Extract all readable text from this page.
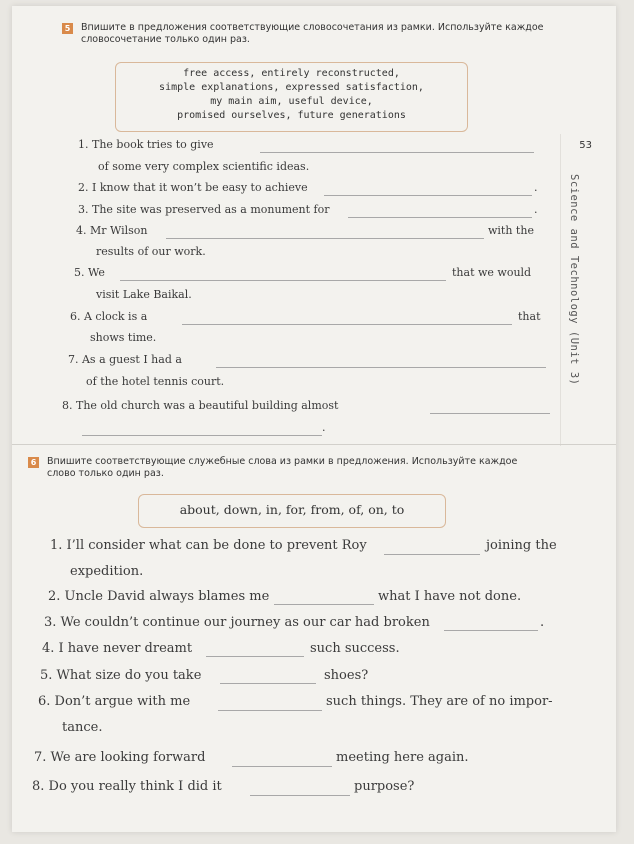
53
Science and Technology (Unit 3)
5 Впишите в предложения соответствующие словосочетания из рамки. Используйте каждое
словосочетание только один раз.
free access, entirely reconstructed,
simple explanations, expressed satisfaction,
my main aim, useful device,
promised ourselves, future generations
1. The book tries to give
of some very complex scientific ideas.
2. I know that it won’t be easy to achieve	.
3. The site was preserved as a monument for	.
4. Mr Wilson	with the
results of our work.
5. We	that we would
visit Lake Baikal.
6. A clock is a	that
shows time.
7. As a guest I had a
of the hotel tennis court.
8. The old church was a beautiful building almost
.
6 Впишите соответствующие служебные слова из рамки в предложения. Используйте каждое
слово только один раз.
about, down, in, for, from, of, on, to
1. I’ll consider what can be done to prevent Roy	joining the
expedition.
2. Uncle David always blames me	what I have not done.
3. We couldn’t continue our journey as our car had broken	.
4. I have never dreamt	such success.
5. What size do you take	shoes?
6. Don’t argue with me	such things. They are of no impor-
tance.
7. We are looking forward	meeting here again.
8. Do you really think I did it	purpose?
